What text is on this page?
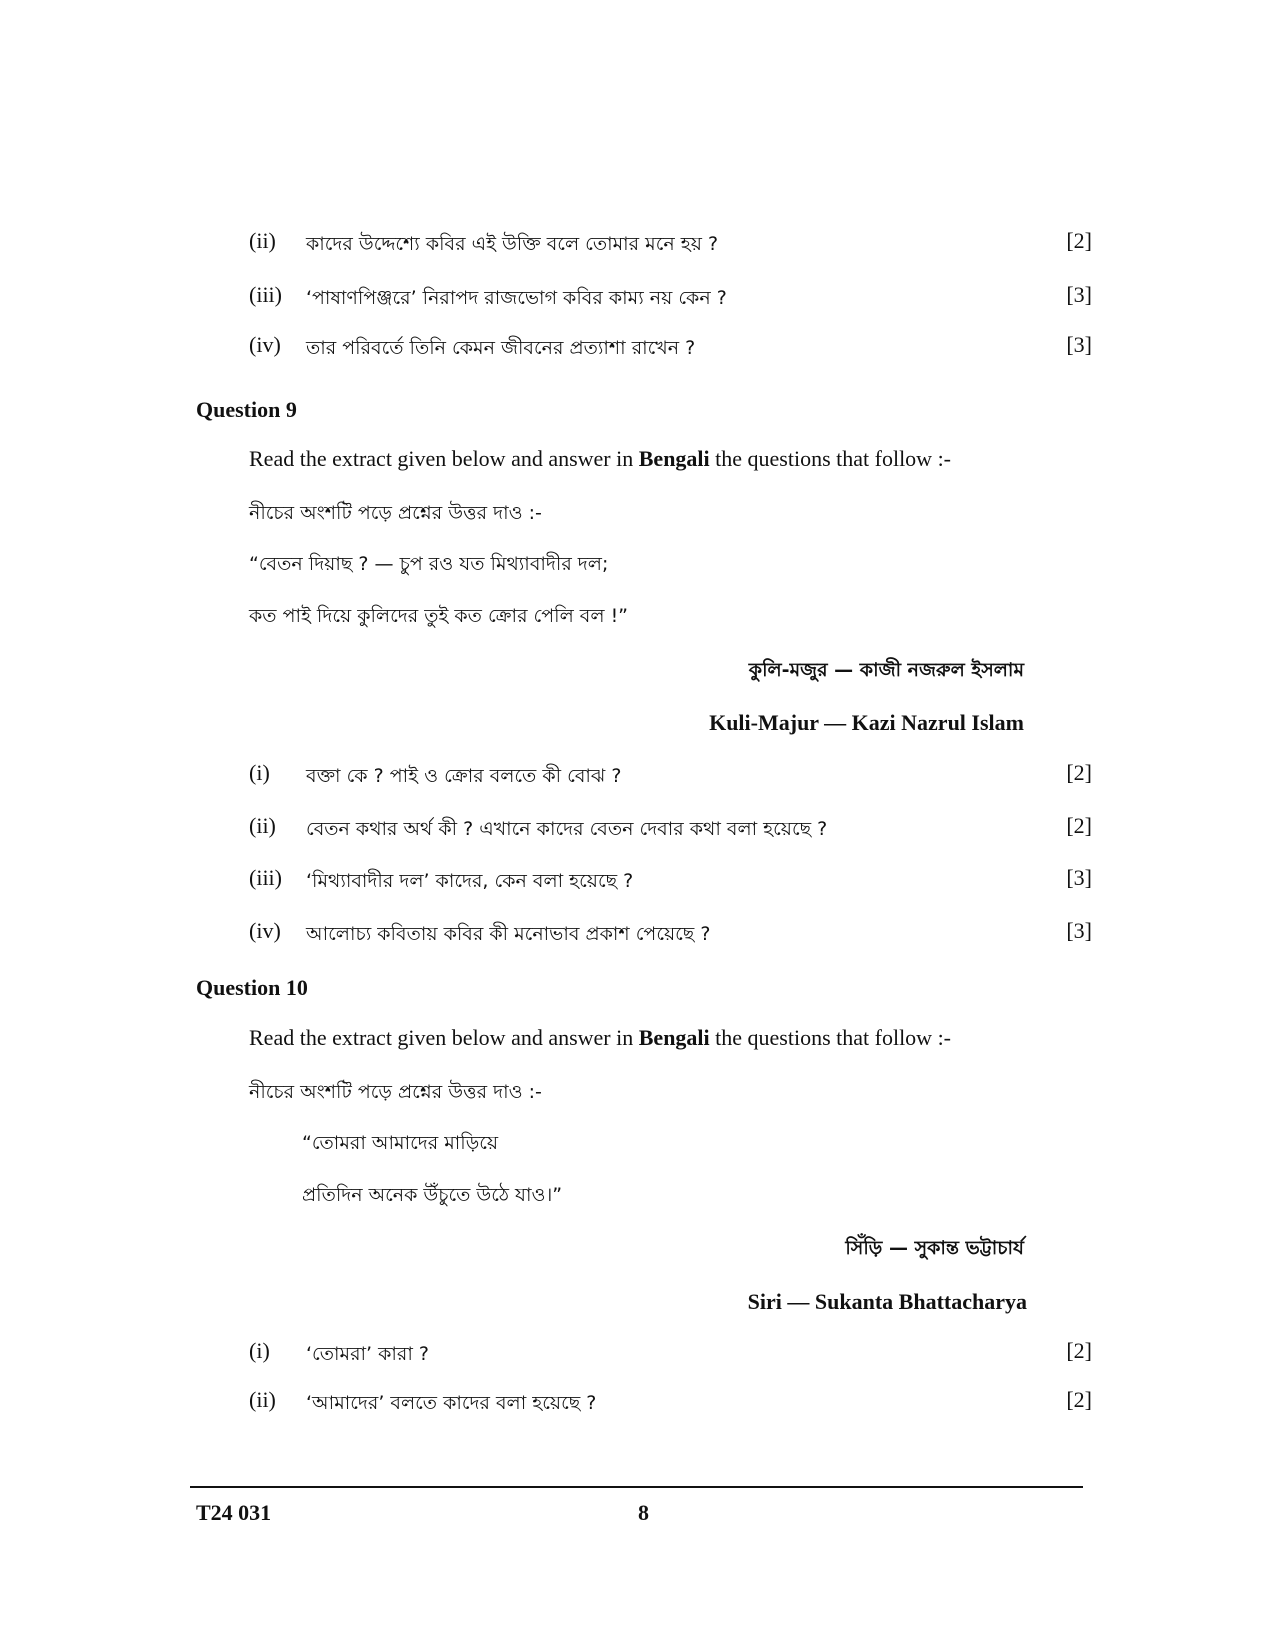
(ii) কাদের উদ্দেশ্যে কবির এই উক্তি বলে তোমার মনে হয় ?	[2]
(iii) ‘পাষাণপিঞ্জরে’ নিরাপদ রাজভোগ কবির কাম্য নয় কেন ?	[3]
(iv) তার পরিবর্তে তিনি কেমন জীবনের প্রত্যাশা রাখেন ?	[3]
Question 9
Read the extract given below and answer in Bengali the questions that follow :-
নীচের অংশটি পড়ে প্রশ্নের উত্তর দাও :-
“বেতন দিয়াছ ? — চুপ রও যত মিথ্যাবাদীর দল;
কত পাই দিয়ে কুলিদের তুই কত ক্রোর পেলি বল !”
কুলি-মজুর — কাজী নজরুল ইসলাম
Kuli-Majur — Kazi Nazrul Islam
(i) বক্তা কে ? পাই ও ক্রোর বলতে কী বোঝ ?	[2]
(ii) বেতন কথার অর্থ কী ? এখানে কাদের বেতন দেবার কথা বলা হয়েছে ?	[2]
(iii) ‘মিথ্যাবাদীর দল’ কাদের, কেন বলা হয়েছে ?	[3]
(iv) আলোচ্য কবিতায় কবির কী মনোভাব প্রকাশ পেয়েছে ?	[3]
Question 10
Read the extract given below and answer in Bengali the questions that follow :-
নীচের অংশটি পড়ে প্রশ্নের উত্তর দাও :-
“তোমরা আমাদের মাড়িয়ে
প্রতিদিন অনেক উঁচুতে উঠে যাও।”
সিঁড়ি — সুকান্ত ভট্টাচার্য
Siri — Sukanta Bhattacharya
(i) ‘তোমরা’ কারা ?	[2]
(ii) ‘আমাদের’ বলতে কাদের বলা হয়েছে ?	[2]
T24 031	8
